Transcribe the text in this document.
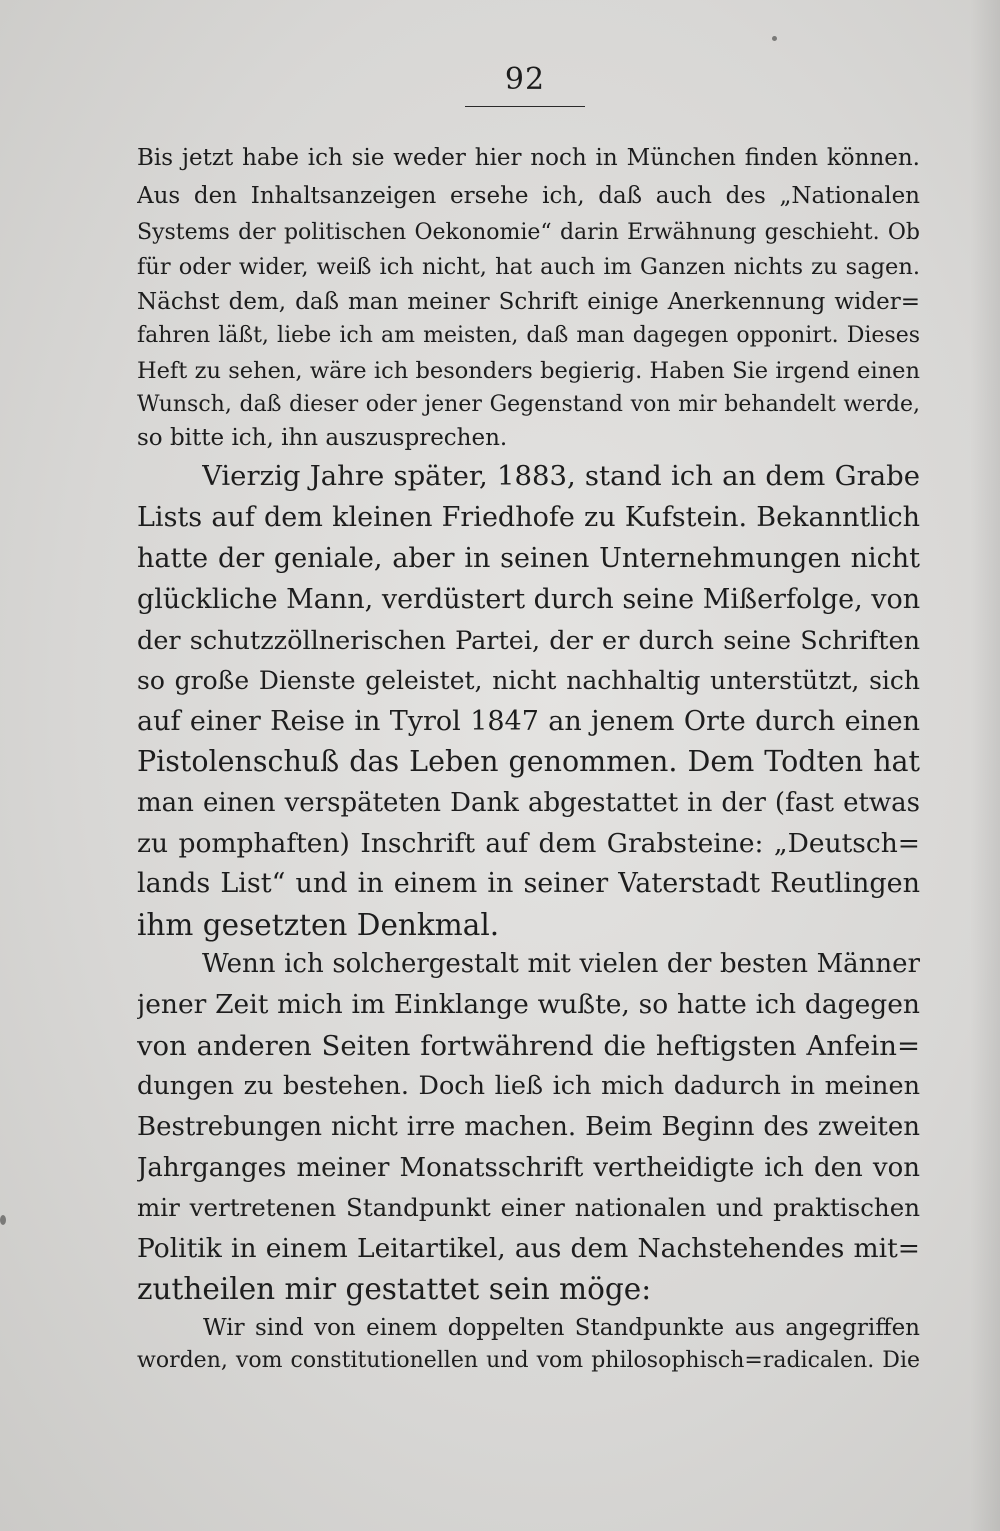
92
Bis jetzt habe ich sie weder hier noch in München finden können.
Aus den Inhaltsanzeigen ersehe ich, daß auch des „Nationalen
Systems der politischen Oekonomie“ darin Erwähnung geschieht. Ob
für oder wider, weiß ich nicht, hat auch im Ganzen nichts zu sagen.
Nächst dem, daß man meiner Schrift einige Anerkennung wider=
fahren läßt, liebe ich am meisten, daß man dagegen opponirt. Dieses
Heft zu sehen, wäre ich besonders begierig. Haben Sie irgend einen
Wunsch, daß dieser oder jener Gegenstand von mir behandelt werde,
so bitte ich, ihn auszusprechen.
Vierzig Jahre später, 1883, stand ich an dem Grabe
Lists auf dem kleinen Friedhofe zu Kufstein. Bekanntlich
hatte der geniale, aber in seinen Unternehmungen nicht
glückliche Mann, verdüstert durch seine Mißerfolge, von
der schutzzöllnerischen Partei, der er durch seine Schriften
so große Dienste geleistet, nicht nachhaltig unterstützt, sich
auf einer Reise in Tyrol 1847 an jenem Orte durch einen
Pistolenschuß das Leben genommen. Dem Todten hat
man einen verspäteten Dank abgestattet in der (fast etwas
zu pomphaften) Inschrift auf dem Grabsteine: „Deutsch=
lands List“ und in einem in seiner Vaterstadt Reutlingen
ihm gesetzten Denkmal.
Wenn ich solchergestalt mit vielen der besten Männer
jener Zeit mich im Einklange wußte, so hatte ich dagegen
von anderen Seiten fortwährend die heftigsten Anfein=
dungen zu bestehen. Doch ließ ich mich dadurch in meinen
Bestrebungen nicht irre machen. Beim Beginn des zweiten
Jahrganges meiner Monatsschrift vertheidigte ich den von
mir vertretenen Standpunkt einer nationalen und praktischen
Politik in einem Leitartikel, aus dem Nachstehendes mit=
zutheilen mir gestattet sein möge:
Wir sind von einem doppelten Standpunkte aus angegriffen
worden, vom constitutionellen und vom philosophisch=radicalen. Die
